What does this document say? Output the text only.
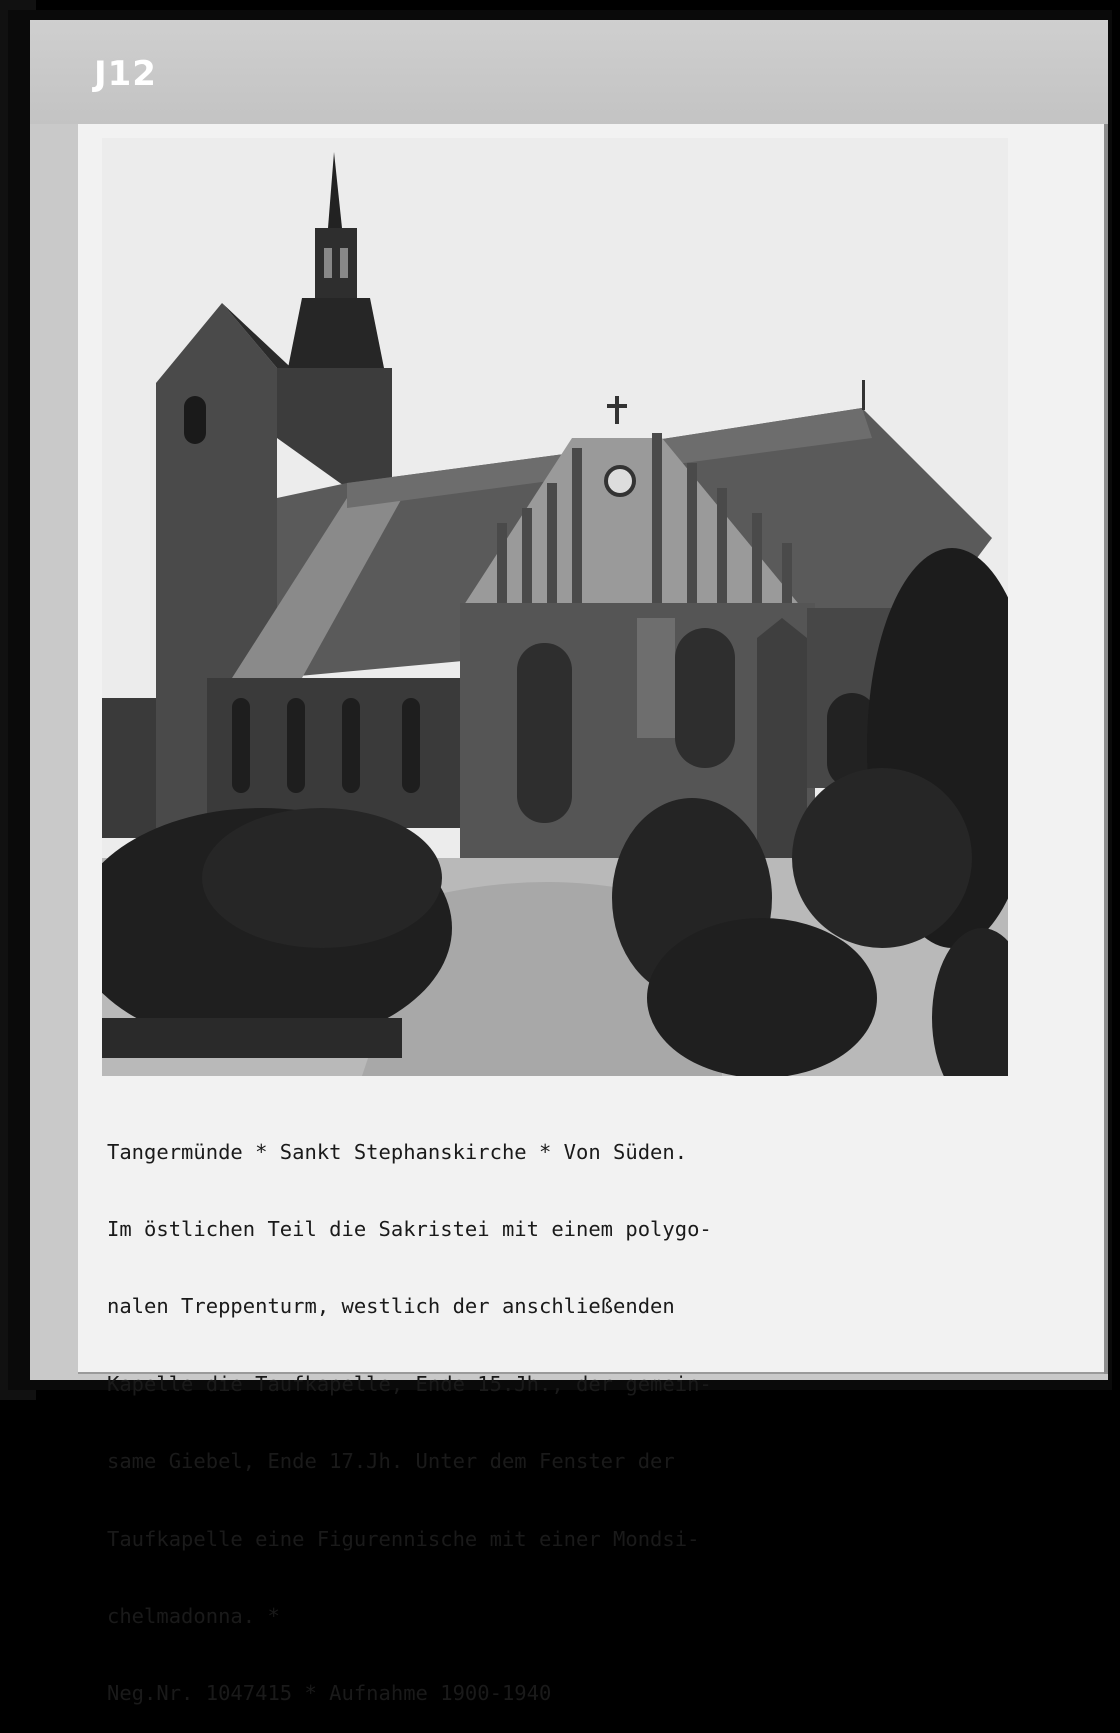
J12

Tangermünde * Sankt Stephanskirche * Von Süden.

Im östlichen Teil die Sakristei mit einem polygo-

nalen Treppenturm, westlich der anschließenden

Kapelle die Taufkapelle, Ende 15.Jh., der gemein-

same Giebel, Ende 17.Jh. Unter dem Fenster der

Taufkapelle eine Figurennische mit einer Mondsi-

chelmadonna. *

Neg.Nr. 1047415 * Aufnahme 1900-1940
